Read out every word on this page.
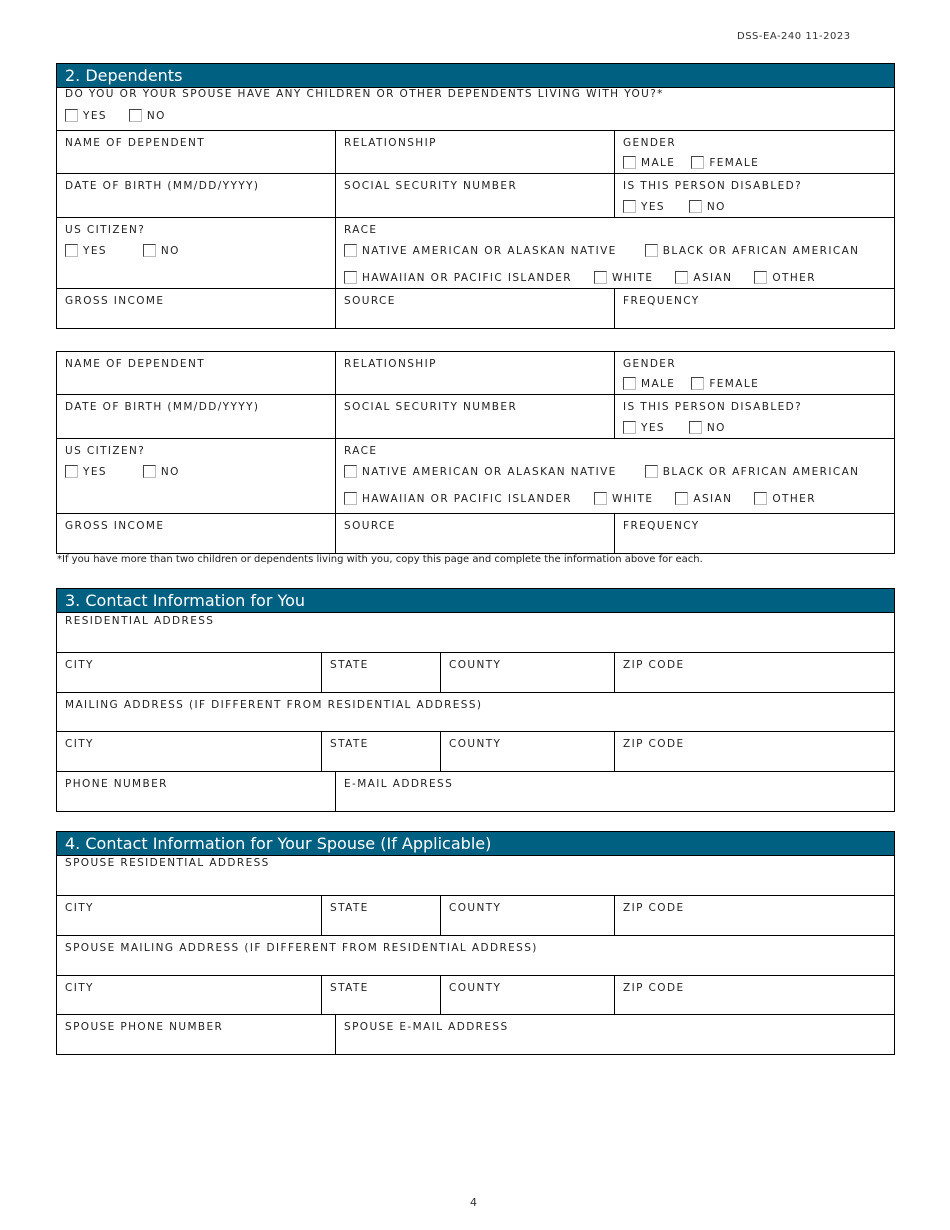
DSS-EA-240 11-2023
2. Dependents
DO YOU OR YOUR SPOUSE HAVE ANY CHILDREN OR OTHER DEPENDENTS LIVING WITH YOU?*
YES	NO
NAME OF DEPENDENT	RELATIONSHIP	GENDER
MALE	FEMALE
DATE OF BIRTH (MM/DD/YYYY)	SOCIAL SECURITY NUMBER	IS THIS PERSON DISABLED?
YES	NO
US CITIZEN?
YES	NO
RACE
NATIVE AMERICAN OR ALASKAN NATIVE	BLACK OR AFRICAN AMERICAN
HAWAIIAN OR PACIFIC ISLANDER	WHITE	ASIAN	OTHER
GROSS INCOME	SOURCE	FREQUENCY
NAME OF DEPENDENT	RELATIONSHIP	GENDER
MALE	FEMALE
DATE OF BIRTH (MM/DD/YYYY)	SOCIAL SECURITY NUMBER	IS THIS PERSON DISABLED?
YES	NO
US CITIZEN?
YES	NO
RACE
NATIVE AMERICAN OR ALASKAN NATIVE	BLACK OR AFRICAN AMERICAN
HAWAIIAN OR PACIFIC ISLANDER	WHITE	ASIAN	OTHER
GROSS INCOME	SOURCE	FREQUENCY
*If you have more than two children or dependents living with you, copy this page and complete the information above for each.
3. Contact Information for You
RESIDENTIAL ADDRESS
CITY	STATE	COUNTY	ZIP CODE
MAILING ADDRESS (IF DIFFERENT FROM RESIDENTIAL ADDRESS)
CITY	STATE	COUNTY	ZIP CODE
PHONE NUMBER	E-MAIL ADDRESS
4. Contact Information for Your Spouse (If Applicable)
SPOUSE RESIDENTIAL ADDRESS
CITY	STATE	COUNTY	ZIP CODE
SPOUSE MAILING ADDRESS (IF DIFFERENT FROM RESIDENTIAL ADDRESS)
CITY	STATE	COUNTY	ZIP CODE
SPOUSE PHONE NUMBER	SPOUSE E-MAIL ADDRESS
4
